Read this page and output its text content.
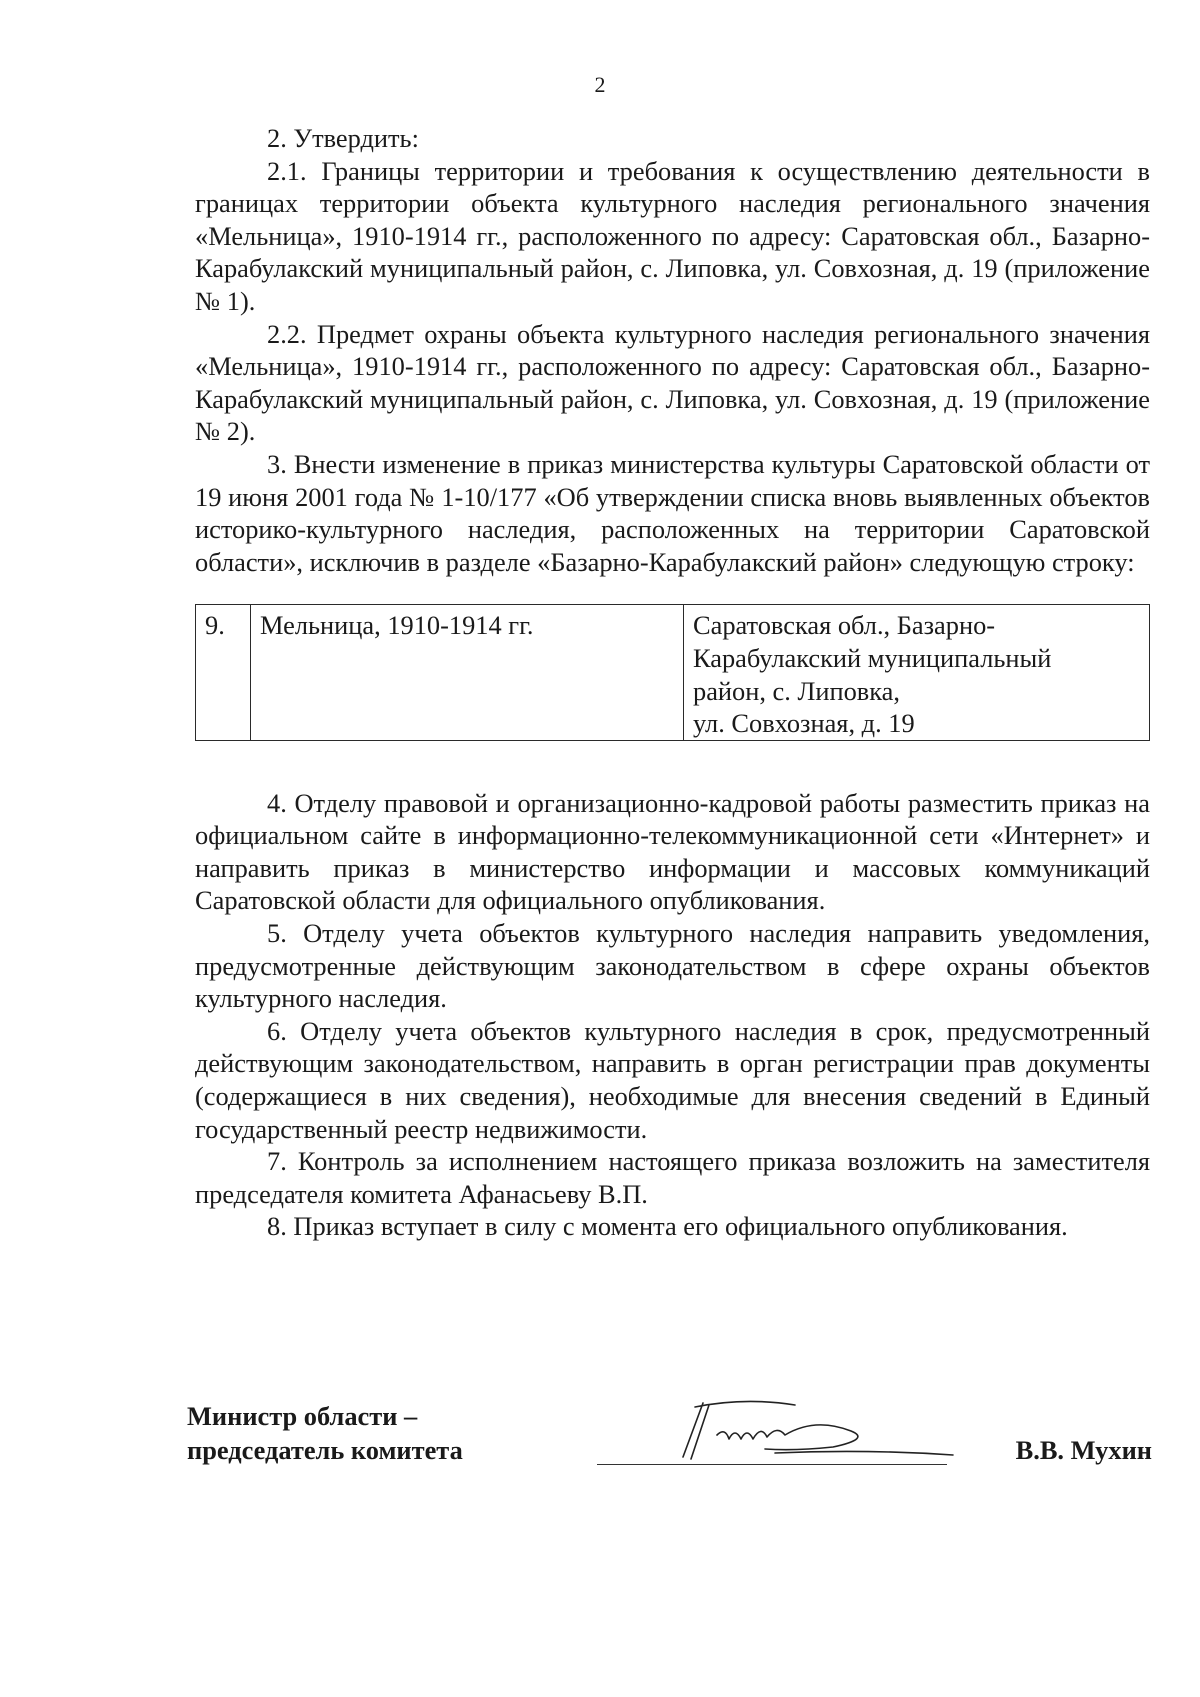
2

2. Утвердить:

2.1. Границы территории и требования к осуществлению деятельности в границах территории объекта культурного наследия регионального значения «Мельница», 1910-1914 гг., расположенного по адресу: Саратовская обл., Базарно-Карабулакский муниципальный район, с. Липовка, ул. Совхозная, д. 19 (приложение № 1).

2.2. Предмет охраны объекта культурного наследия регионального значения «Мельница», 1910-1914 гг., расположенного по адресу: Саратовская обл., Базарно-Карабулакский муниципальный район, с. Липовка, ул. Совхозная, д. 19 (приложение № 2).

3. Внести изменение в приказ министерства культуры Саратовской области от 19 июня 2001 года № 1-10/177 «Об утверждении списка вновь выявленных объектов историко-культурного наследия, расположенных на территории Саратовской области», исключив в разделе «Базарно-Карабулакский район» следующую строку:

9.	Мельница, 1910-1914 гг.	Саратовская обл., Базарно-
Карабулакский муниципальный
район, с. Липовка,
ул. Совхозная, д. 19

4. Отделу правовой и организационно-кадровой работы разместить приказ на официальном сайте в информационно-телекоммуникационной сети «Интернет» и направить приказ в министерство информации и массовых коммуникаций Саратовской области для официального опубликования.

5. Отделу учета объектов культурного наследия направить уведомления, предусмотренные действующим законодательством в сфере охраны объектов культурного наследия.

6. Отделу учета объектов культурного наследия в срок, предусмотренный действующим законодательством, направить в орган регистрации прав документы (содержащиеся в них сведения), необходимые для внесения сведений в Единый государственный реестр недвижимости.

7. Контроль за исполнением настоящего приказа возложить на заместителя председателя комитета Афанасьеву В.П.

8. Приказ вступает в силу с момента его официального опубликования.

Министр области –
председатель комитета	В.В. Мухин
